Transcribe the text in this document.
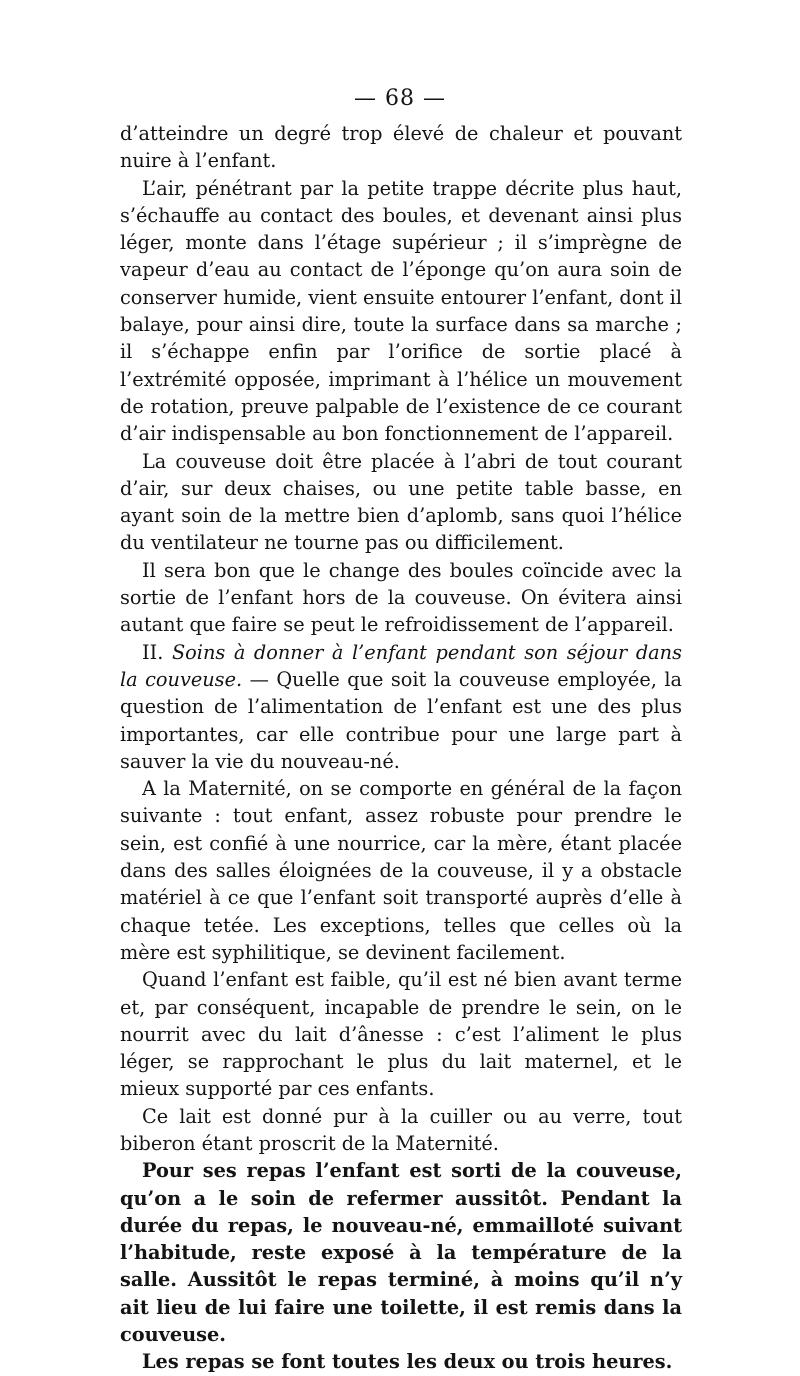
— 68 —

d’atteindre un degré trop élevé de chaleur et pouvant nuire à l’enfant.

L’air, pénétrant par la petite trappe décrite plus haut, s’échauffe au contact des boules, et devenant ainsi plus léger, monte dans l’étage supérieur ; il s’imprègne de vapeur d’eau au contact de l’éponge qu’on aura soin de conserver humide, vient ensuite entourer l’enfant, dont il balaye, pour ainsi dire, toute la surface dans sa marche ; il s’échappe enfin par l’orifice de sortie placé à l’extrémité opposée, imprimant à l’hélice un mouvement de rotation, preuve palpable de l’existence de ce courant d’air indispensable au bon fonctionnement de l’appareil.

La couveuse doit être placée à l’abri de tout courant d’air, sur deux chaises, ou une petite table basse, en ayant soin de la mettre bien d’aplomb, sans quoi l’hélice du ventilateur ne tourne pas ou difficilement.

Il sera bon que le change des boules coïncide avec la sortie de l’enfant hors de la couveuse. On évitera ainsi autant que faire se peut le refroidissement de l’appareil.

II. Soins à donner à l’enfant pendant son séjour dans la couveuse. — Quelle que soit la couveuse employée, la question de l’alimentation de l’enfant est une des plus importantes, car elle contribue pour une large part à sauver la vie du nouveau-né.

A la Maternité, on se comporte en général de la façon suivante : tout enfant, assez robuste pour prendre le sein, est confié à une nourrice, car la mère, étant placée dans des salles éloignées de la couveuse, il y a obstacle matériel à ce que l’enfant soit transporté auprès d’elle à chaque tetée. Les exceptions, telles que celles où la mère est syphilitique, se devinent facilement.

Quand l’enfant est faible, qu’il est né bien avant terme et, par conséquent, incapable de prendre le sein, on le nourrit avec du lait d’ânesse : c’est l’aliment le plus léger, se rapprochant le plus du lait maternel, et le mieux supporté par ces enfants.

Ce lait est donné pur à la cuiller ou au verre, tout biberon étant proscrit de la Maternité.

Pour ses repas l’enfant est sorti de la couveuse, qu’on a le soin de refermer aussitôt. Pendant la durée du repas, le nouveau-né, emmailloté suivant l’habitude, reste exposé à la température de la salle. Aussitôt le repas terminé, à moins qu’il n’y ait lieu de lui faire une toilette, il est remis dans la couveuse.

Les repas se font toutes les deux ou trois heures.
